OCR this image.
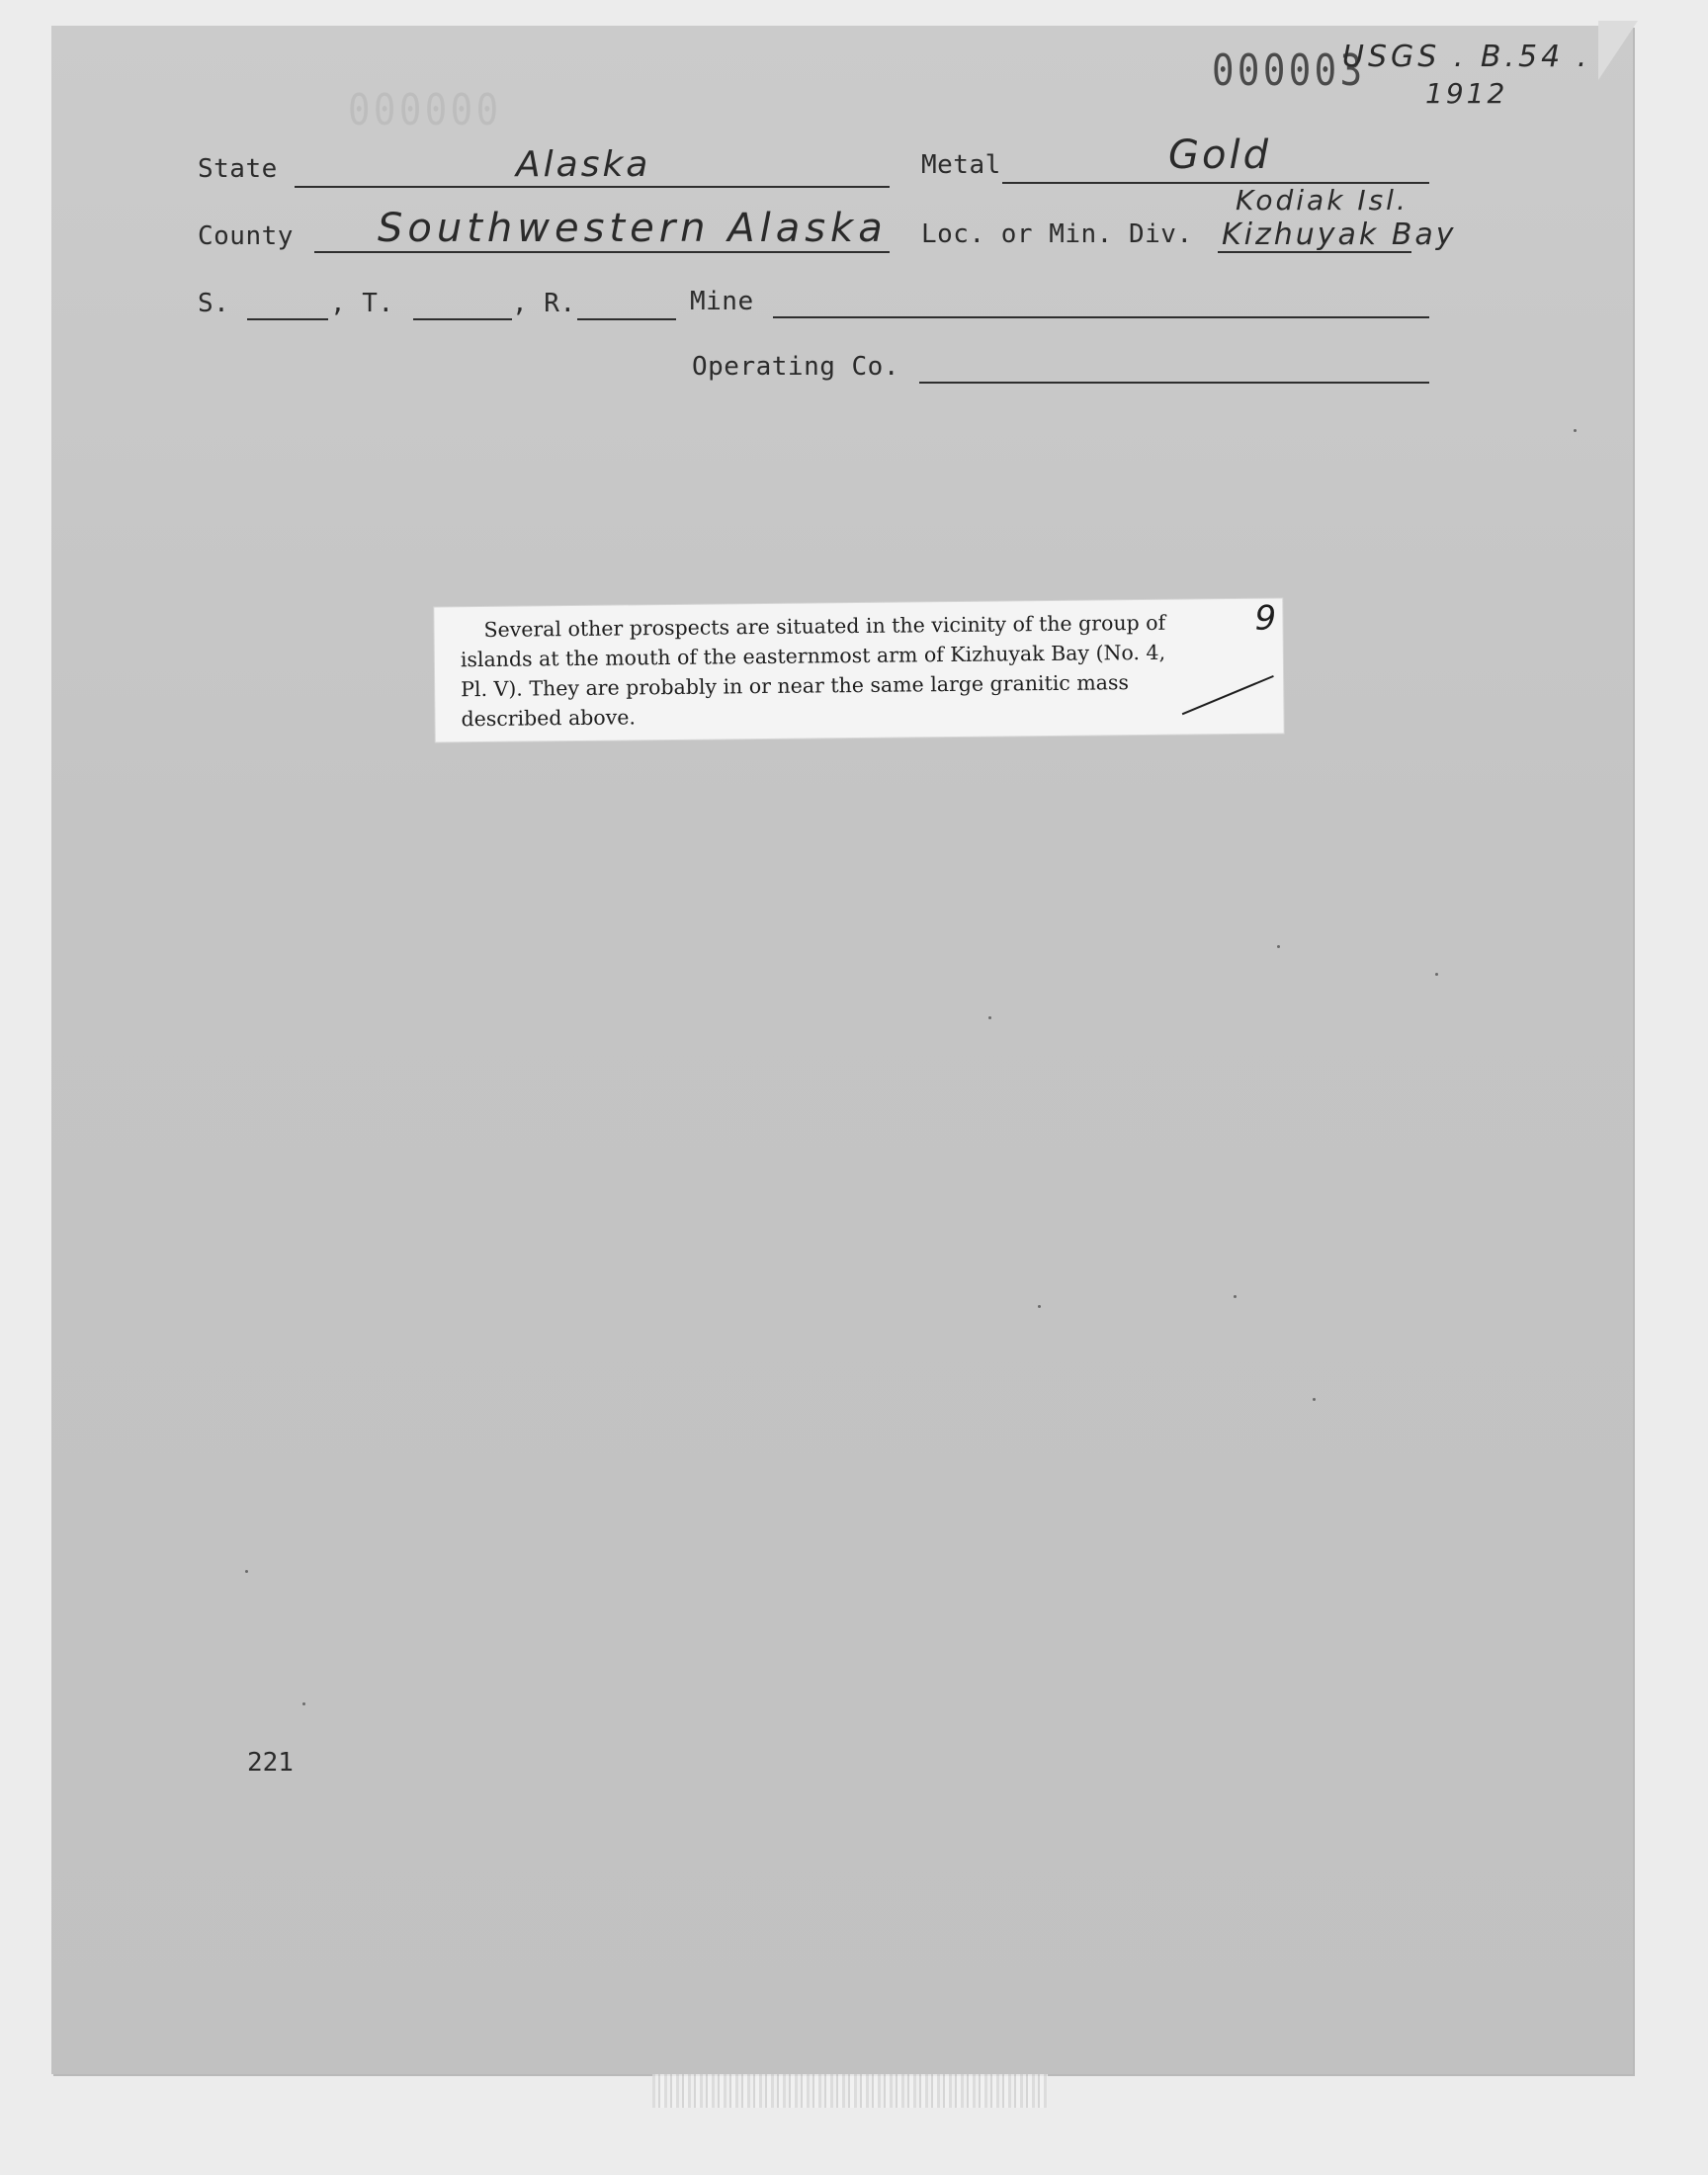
000000
000003
USGS . B.54 .
1912
State	Alaska	Metal	Gold
County Southwestern Alaska Loc. or Min. Div.
Kodiak Isl.
Kizhuyak Bay
S.	, T.	, R.	Mine
Operating Co.
Several other prospects are situated in the vicinity of the group of
islands at the mouth of the easternmost arm of Kizhuyak Bay (No. 4,
Pl. V). They are probably in or near the same large granitic mass
described above.
9
221
